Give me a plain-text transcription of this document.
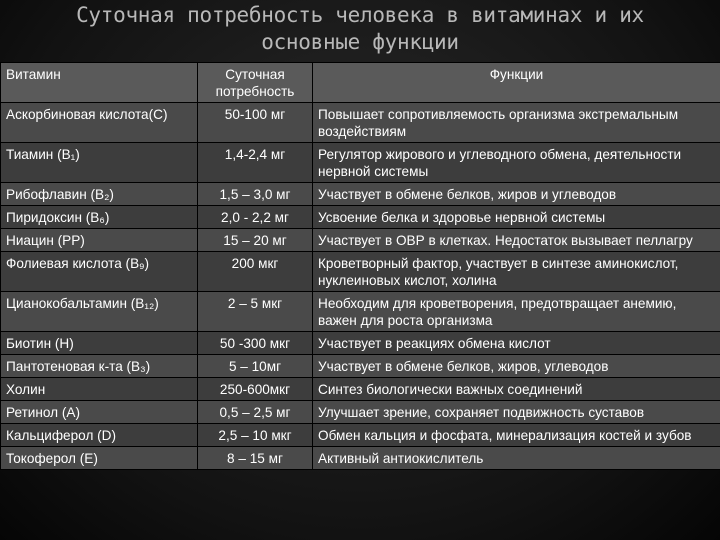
Суточная потребность человека в витаминах и их
основные функции
Витамин	Суточная потребность	Функции
Аскорбиновая кислота(С)	50-100 мг	Повышает сопротивляемость организма экстремальным воздействиям
Тиамин (В₁)	1,4-2,4 мг	Регулятор жирового и углеводного обмена, деятельности нервной системы
Рибофлавин (В₂)	1,5 – 3,0 мг	Участвует в обмене белков, жиров и углеводов
Пиридоксин (В₆)	2,0 - 2,2 мг	Усвоение белка и здоровье нервной системы
Ниацин (РР)	15 – 20 мг	Участвует в ОВР в клетках. Недостаток вызывает пеллагру
Фолиевая кислота (В₉)	200 мкг	Кроветворный фактор, участвует в синтезе аминокислот, нуклеиновых кислот, холина
Цианокобальтамин (В₁₂)	2 – 5 мкг	Необходим для кроветворения, предотвращает анемию, важен для роста организма
Биотин (Н)	50 -300 мкг	Участвует в реакциях обмена кислот
Пантотеновая к-та (В₃)	5 – 10мг	Участвует в обмене белков, жиров, углеводов
Холин	250-600мкг	Синтез биологически важных соединений
Ретинол (А)	0,5 – 2,5 мг	Улучшает зрение, сохраняет подвижность суставов
Кальциферол (D)	2,5 – 10 мкг	Обмен кальция и фосфата, минерализация костей и зубов
Токоферол (Е)	8 – 15 мг	Активный антиокислитель
